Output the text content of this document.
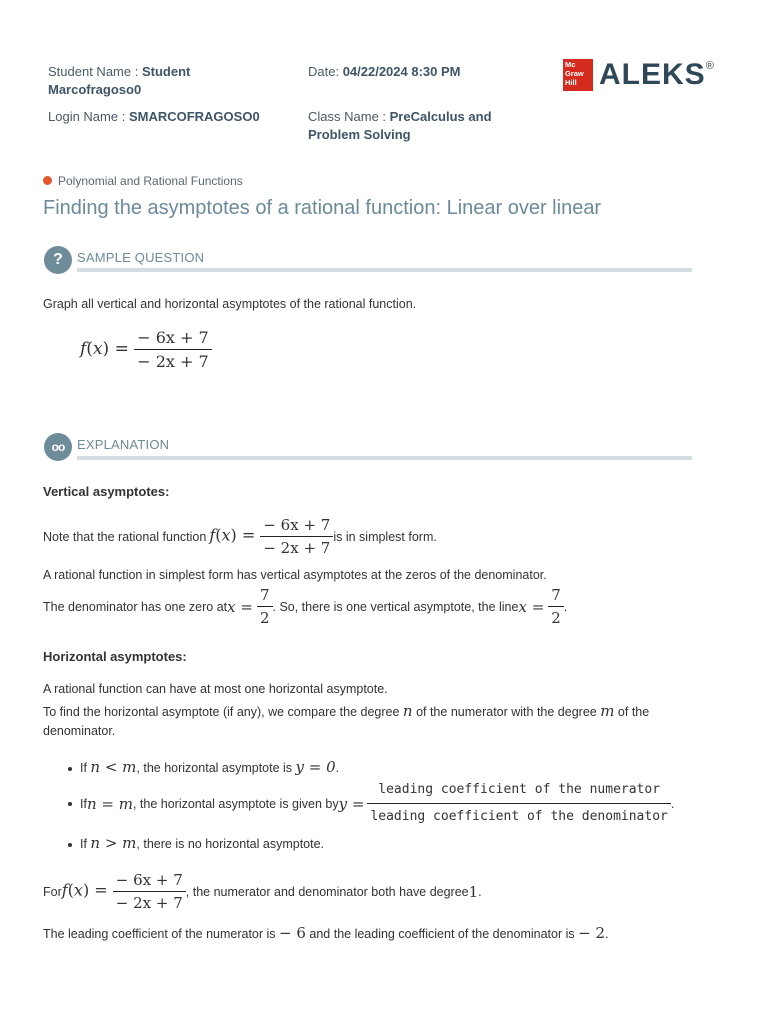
Student Name : Student
Marcofragoso0
Login Name : SMARCOFRAGOSO0
Date: 04/22/2024 8:30 PM
Class Name : PreCalculus and
Problem Solving
Mc
Graw
Hill ALEKS ®
Polynomial and Rational Functions
Finding the asymptotes of a rational function: Linear over linear
?	SAMPLE QUESTION
Graph all vertical and horizontal asymptotes of the rational function.
$f(x) = \frac{- 6x + 7}{- 2x + 7}$
oo EXPLANATION
Vertical asymptotes:
Note that the rational function $f(x) = \frac{- 6x + 7}{- 2x + 7}$ is in simplest form.
A rational function in simplest form has vertical asymptotes at the zeros of the denominator.
The denominator has one zero at $x = \frac{7}{2}$ . So, there is one vertical asymptote, the line $x = \frac{7}{2}$ .
Horizontal asymptotes:
A rational function can have at most one horizontal asymptote.
To find the horizontal asymptote (if any), we compare the degree n of the numerator with the degree m of the
denominator.
If n < m, the horizontal asymptote is y = 0.
If n = m , the horizontal asymptote is given by $y = \frac{\text{leading coefficient of the numerator}}{\text{leading coefficient of the denominator}}$ .
If n > m, there is no horizontal asymptote.
For $f(x) = \frac{- 6x + 7}{- 2x + 7}$ , the numerator and denominator both have degree 1 .
The leading coefficient of the numerator is − 6 and the leading coefficient of the denominator is − 2.
